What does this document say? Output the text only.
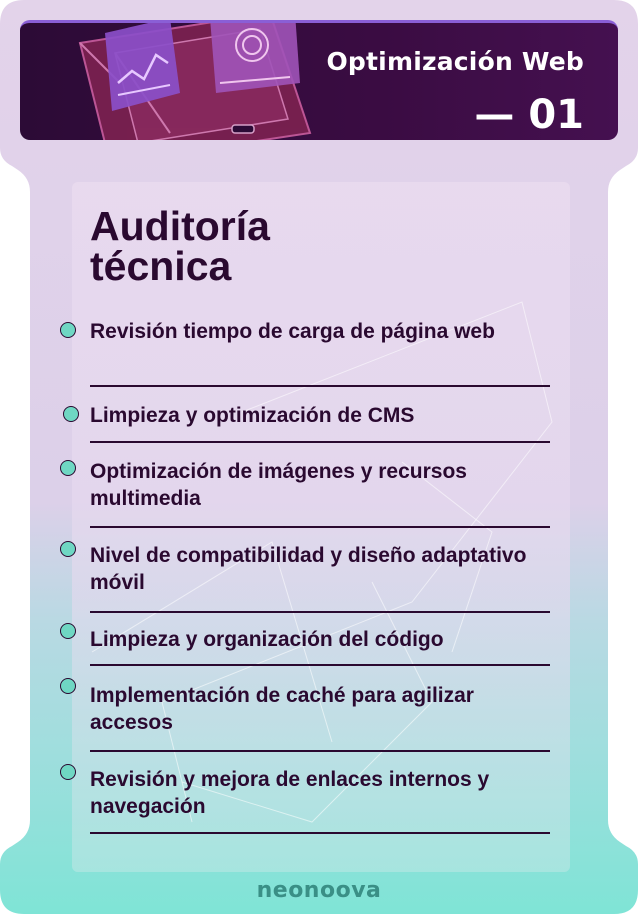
Optimización Web
— 01
Auditoría
técnica
Revisión tiempo de carga de página web
Limpieza y optimización de CMS
Optimización de imágenes y recursos multimedia
Nivel de compatibilidad y diseño adaptativo móvil
Limpieza y organización del código
Implementación de caché para agilizar accesos
Revisión y mejora de enlaces internos y navegación
neonoova
